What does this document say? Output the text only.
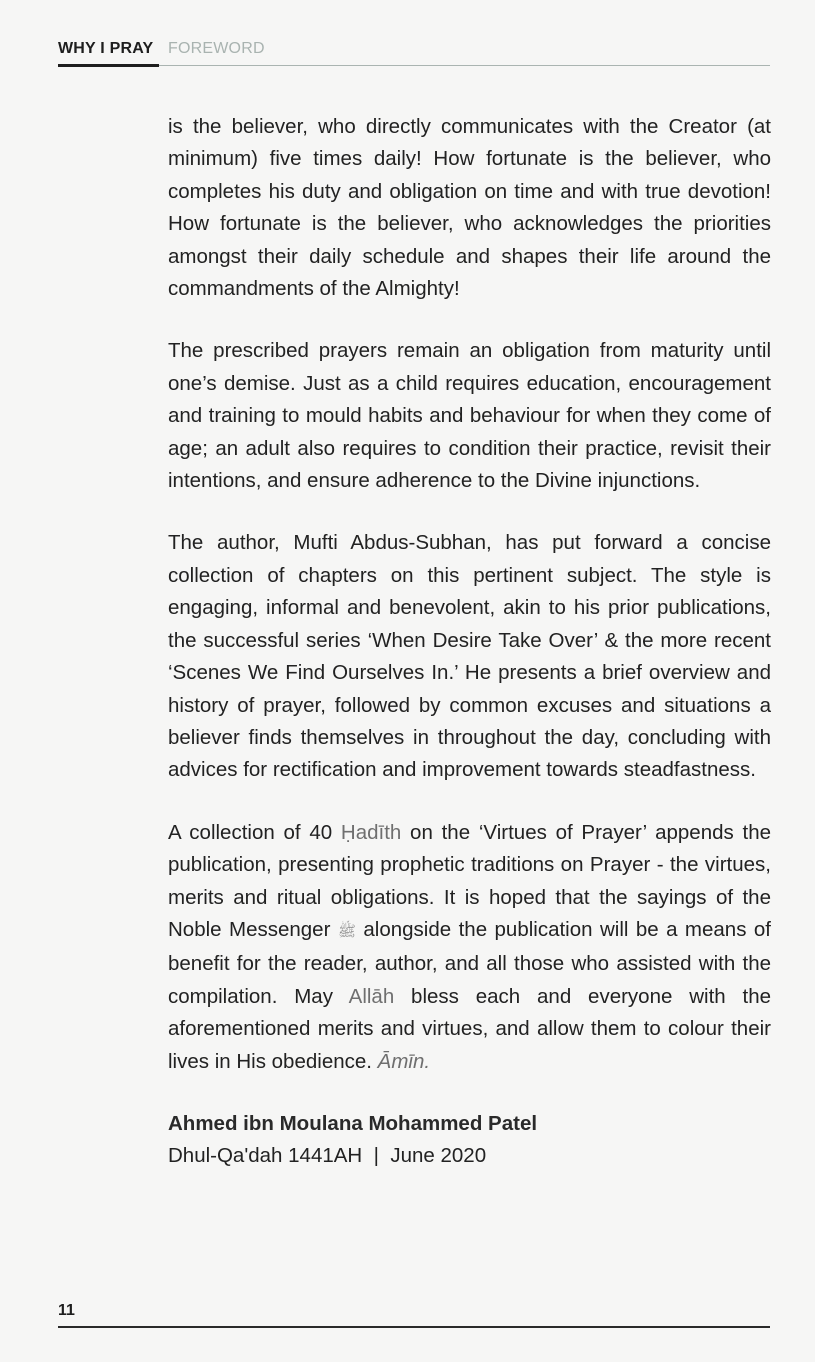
WHY I PRAY FOREWORD

is the believer, who directly communicates with the Creator (at minimum) five times daily! How fortunate is the believer, who completes his duty and obligation on time and with true devotion! How fortunate is the believer, who acknowledges the priorities amongst their daily schedule and shapes their life around the commandments of the Almighty!

The prescribed prayers remain an obligation from maturity until one’s demise. Just as a child requires education, encouragement and training to mould habits and behaviour for when they come of age; an adult also requires to condition their practice, revisit their intentions, and ensure adherence to the Divine injunctions.

The author, Mufti Abdus-Subhan, has put forward a concise collection of chapters on this pertinent subject. The style is engaging, informal and benevolent, akin to his prior publications, the successful series ‘When Desire Take Over’ & the more recent ‘Scenes We Find Ourselves In.’ He presents a brief overview and history of prayer, followed by common excuses and situations a believer finds themselves in throughout the day, concluding with advices for rectification and improvement towards steadfastness.

A collection of 40 Ḥadīth on the ‘Virtues of Prayer’ appends the publication, presenting prophetic traditions on Prayer - the virtues, merits and ritual obligations. It is hoped that the sayings of the Noble Messenger ﷺ alongside the publication will be a means of benefit for the reader, author, and all those who assisted with the compilation. May Allāh bless each and everyone with the aforementioned merits and virtues, and allow them to colour their lives in His obedience. Āmīn.

Ahmed ibn Moulana Mohammed Patel
Dhul-Qa'dah 1441AH  |  June 2020
11
